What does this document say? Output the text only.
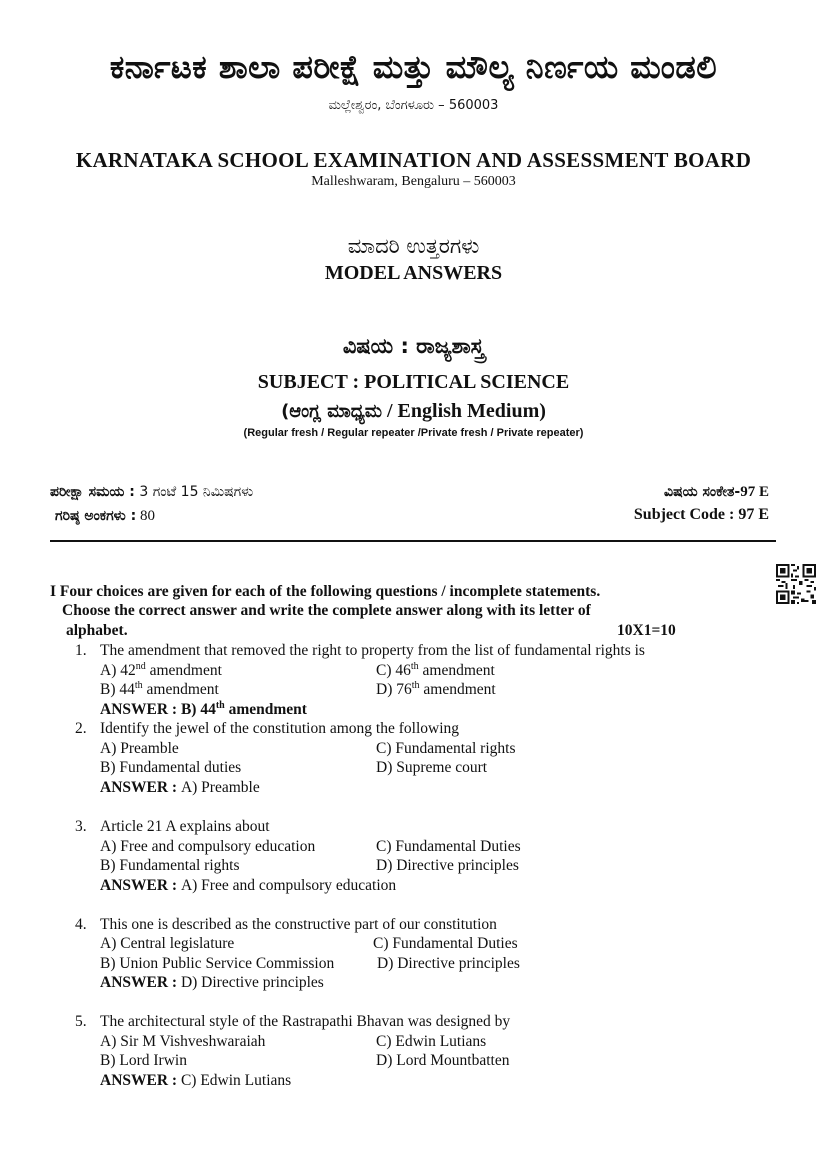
ಕರ್ನಾಟಕ ಶಾಲಾ ಪರೀಕ್ಷೆ ಮತ್ತು ಮೌಲ್ಯ ನಿರ್ಣಯ ಮಂಡಲಿ
ಮಲ್ಲೇಶ್ವರಂ, ಬೆಂಗಳೂರು – 560003
KARNATAKA SCHOOL EXAMINATION AND ASSESSMENT BOARD
Malleshwaram, Bengaluru – 560003
ಮಾದರಿ ಉತ್ತರಗಳು
MODEL ANSWERS
ವಿಷಯ : ರಾಜ್ಯಶಾಸ್ತ್ರ
SUBJECT : POLITICAL SCIENCE
(ಆಂಗ್ಲ ಮಾಧ್ಯಮ / English Medium)
(Regular fresh / Regular repeater /Private fresh / Private repeater)
ಪರೀಕ್ಷಾ ಸಮಯ : 3 ಗಂಟೆ 15 ನಿಮಿಷಗಳು
ಗರಿಷ್ಠ ಅಂಕಗಳು : 80
ವಿಷಯ ಸಂಕೇತ-97 E
Subject Code : 97 E
I Four choices are given for each of the following questions / incomplete statements.
Choose the correct answer and write the complete answer along with its letter of
alphabet.	10X1=10
1. The amendment that removed the right to property from the list of fundamental rights is
A) 42nd amendment	C) 46th amendment
B) 44th amendment	D) 76th amendment
ANSWER : B) 44th amendment
2. Identify the jewel of the constitution among the following
A) Preamble	C) Fundamental rights
B) Fundamental duties	D) Supreme court
ANSWER : A) Preamble
3. Article 21 A explains about
A) Free and compulsory education	C) Fundamental Duties
B) Fundamental rights	D) Directive principles
ANSWER : A) Free and compulsory education
4. This one is described as the constructive part of our constitution
A) Central legislature	C) Fundamental Duties
B) Union Public Service Commission	D) Directive principles
ANSWER : D) Directive principles
5. The architectural style of the Rastrapathi Bhavan was designed by
A) Sir M Vishveshwaraiah	C) Edwin Lutians
B) Lord Irwin	D) Lord Mountbatten
ANSWER : C) Edwin Lutians
